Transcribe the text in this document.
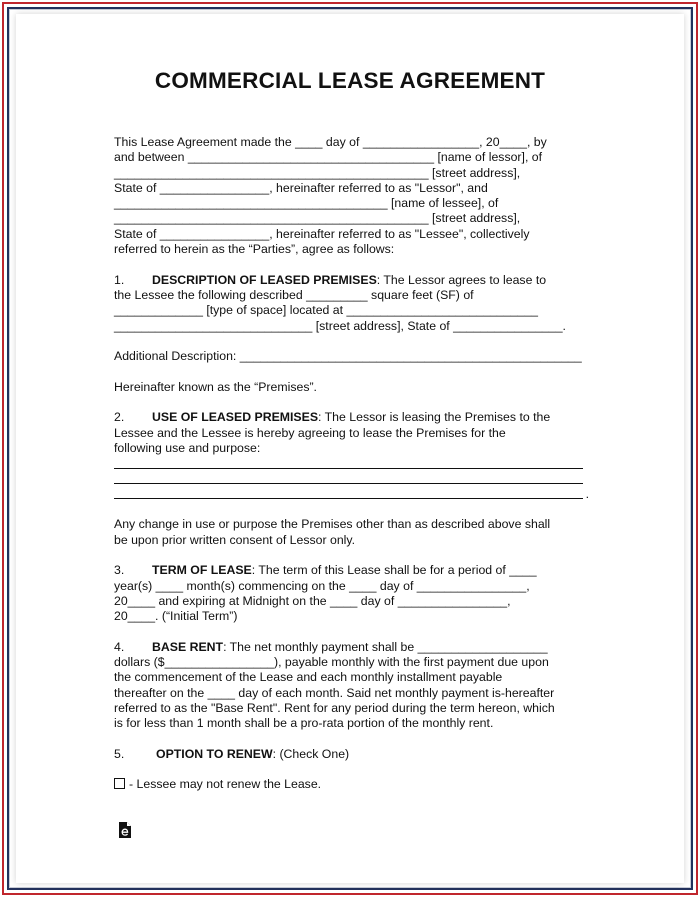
COMMERCIAL LEASE AGREEMENT
This Lease Agreement made the ____ day of _________________, 20____, by
and between ____________________________________ [name of lessor], of
______________________________________________ [street address],
State of ________________, hereinafter referred to as "Lessor", and
________________________________________ [name of lessee], of
______________________________________________ [street address],
State of ________________, hereinafter referred to as "Lessee", collectively
referred to herein as the “Parties”, agree as follows:
1. DESCRIPTION OF LEASED PREMISES: The Lessor agrees to lease to
the Lessee the following described _________ square feet (SF) of
_____________ [type of space] located at ____________________________
_____________________________ [street address], State of ________________.
Additional Description: __________________________________________________
Hereinafter known as the “Premises”.
2. USE OF LEASED PREMISES: The Lessor is leasing the Premises to the
Lessee and the Lessee is hereby agreeing to lease the Premises for the
following use and purpose:
.
Any change in use or purpose the Premises other than as described above shall
be upon prior written consent of Lessor only.
3. TERM OF LEASE: The term of this Lease shall be for a period of ____
year(s) ____ month(s) commencing on the ____ day of ________________,
20____ and expiring at Midnight on the ____ day of ________________,
20____. (“Initial Term”)
4. BASE RENT: The net monthly payment shall be ___________________
dollars ($________________), payable monthly with the first payment due upon
the commencement of the Lease and each monthly installment payable
thereafter on the ____ day of each month. Said net monthly payment is-hereafter
referred to as the "Base Rent". Rent for any period during the term hereon, which
is for less than 1 month shall be a pro-rata portion of the monthly rent.
5.	OPTION TO RENEW: (Check One)
- Lessee may not renew the Lease.
